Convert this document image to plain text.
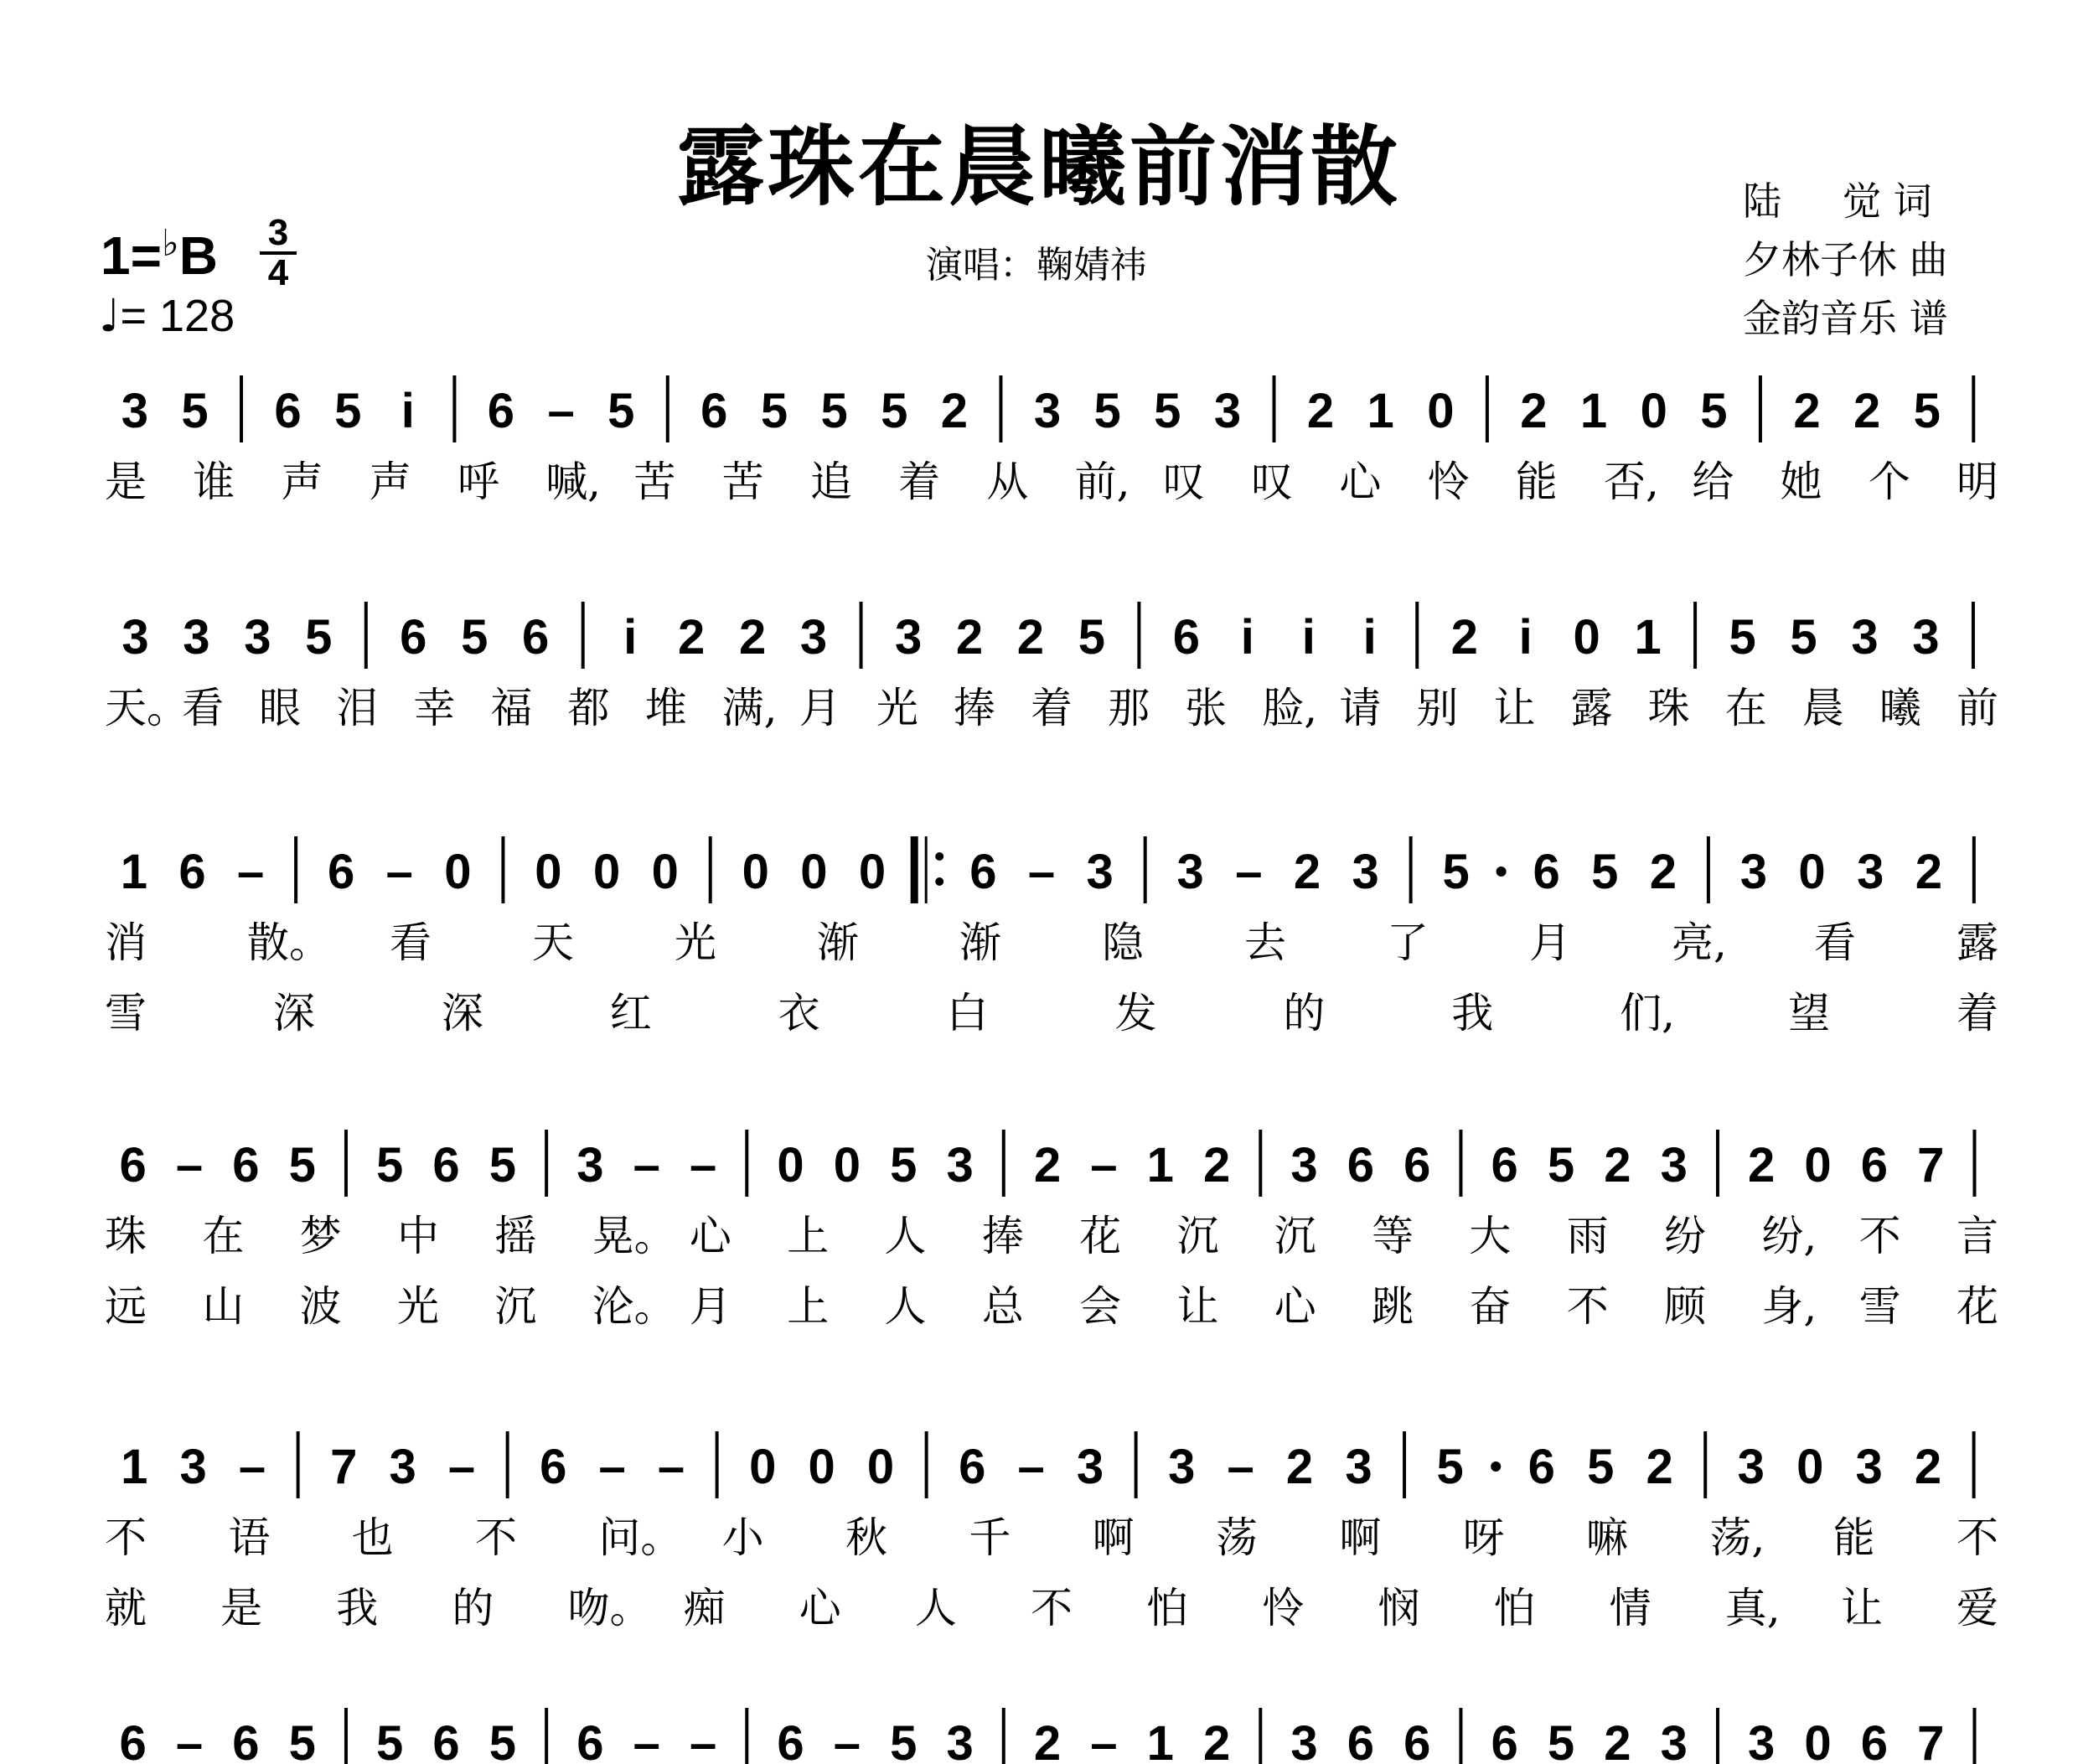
露珠在晨曦前消散	陆     觉 词
夕林子休 曲
金韵音乐 谱
1=♭B 3
4
♩= 128
演唱：鞠婧祎
3 5 6 5 i 6 – 5 6 5 5 5 2 3 5 5 3 2 1 0 2 1 0 5 2 2 5
是 谁 声 声 呼 喊, 苦 苦 追 着 从 前, 叹 叹 心 怜 能 否, 给 她 个 明
3 3 3 5 6 5 6 i 2 2 3 3 2 2 5 6 i i i 2 i 0 1 5 5 3 3
天。
看 眼 泪 幸 福 都 堆 满, 月 光 捧 着 那 张 脸, 请 别 让 露 珠 在 晨 曦 前
1 6 – 6 – 0 0 0 0 0 0 0 6 – 3 3 – 2 3 5 6 5 2 3 0 3 2
消 散。 看 天 光 渐 渐 隐 去 了 月 亮, 看 露
雪	深	深	红	衣	白	发	的	我	们,	望	着
6 – 6 5 5 6 5 3 – – 0 0 5 3 2 – 1 2 3 6 6 6 5 2 3 2 0 6 7
珠 在 梦 中 摇 晃。 心 上 人 捧 花 沉 沉 等 大 雨 纷 纷, 不 言
远 山 波 光 沉 沦。 月 上 人 总 会 让 心 跳 奋 不 顾 身, 雪 花
1 3 – 7 3 – 6 – – 0 0 0 6 – 3 3 – 2 3 5 6 5 2 3 0 3 2
不 语 也 不 问。 小 秋 千 啊 荡 啊 呀 嘛 荡, 能 不
就 是 我 的 吻。 痴 心 人 不 怕 怜 悯 怕 情 真, 让 爱
6 – 6 5 5 6 5 6 – – 6 – 5 3 2 – 1 2 3 6 6 6 5 2 3 3 0 6 7
